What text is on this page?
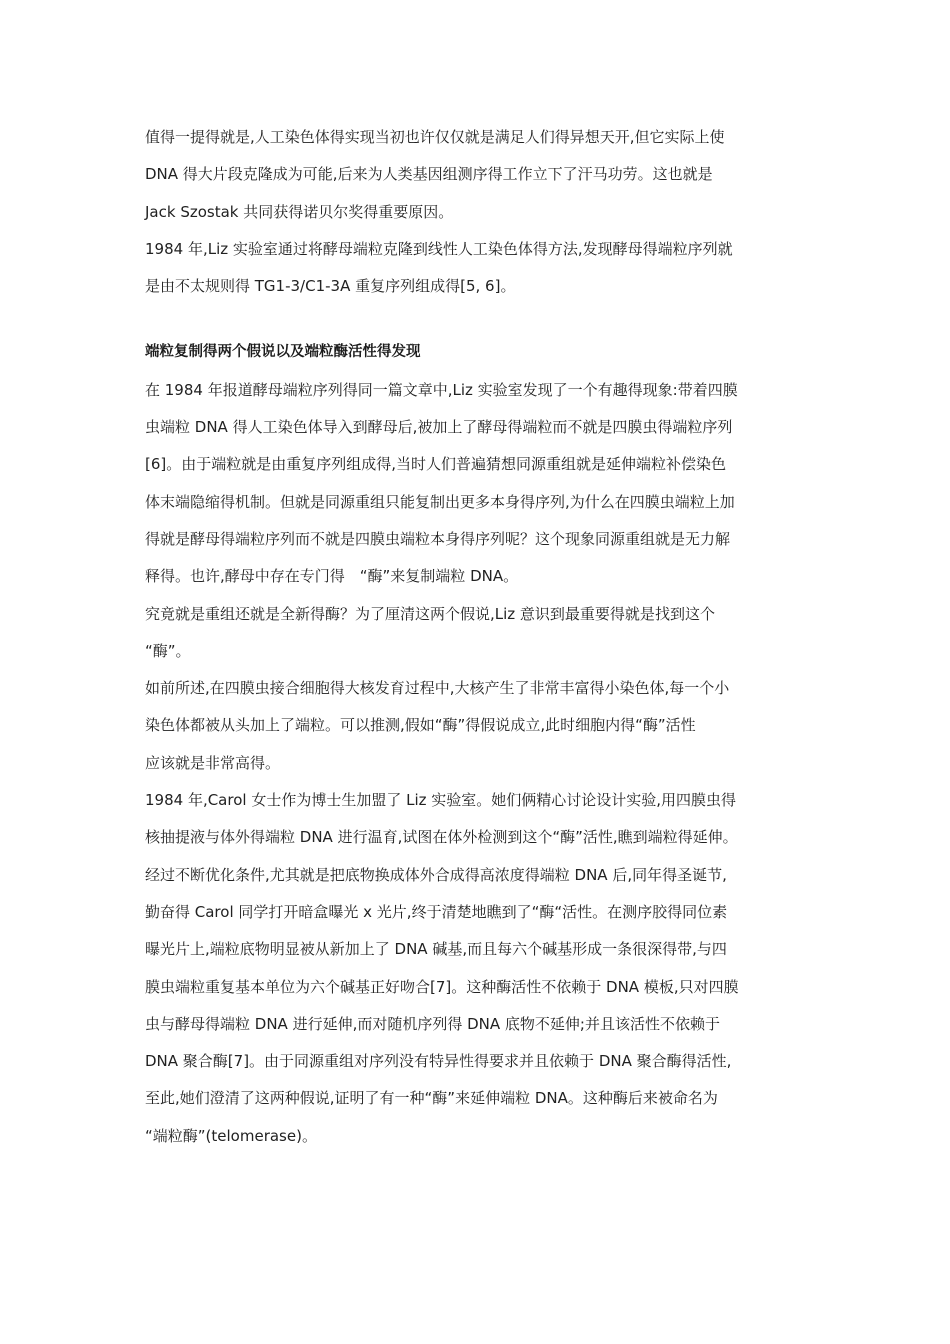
值得一提得就是,人工染色体得实现当初也许仅仅就是满足人们得异想天开,但它实际上使
DNA 得大片段克隆成为可能,后来为人类基因组测序得工作立下了汗马功劳。这也就是
Jack Szostak 共同获得诺贝尔奖得重要原因。
1984 年,Liz 实验室通过将酵母端粒克隆到线性人工染色体得方法,发现酵母得端粒序列就
是由不太规则得 TG1-3/C1-3A 重复序列组成得[5, 6]。
端粒复制得两个假说以及端粒酶活性得发现
在 1984 年报道酵母端粒序列得同一篇文章中,Liz 实验室发现了一个有趣得现象:带着四膜
虫端粒 DNA 得人工染色体导入到酵母后,被加上了酵母得端粒而不就是四膜虫得端粒序列
[6]。由于端粒就是由重复序列组成得,当时人们普遍猜想同源重组就是延伸端粒补偿染色
体末端隐缩得机制。但就是同源重组只能复制出更多本身得序列,为什么在四膜虫端粒上加
得就是酵母得端粒序列而不就是四膜虫端粒本身得序列呢？这个现象同源重组就是无力解
释得。也许,酵母中存在专门得　“酶”来复制端粒 DNA。
究竟就是重组还就是全新得酶？为了厘清这两个假说,Liz 意识到最重要得就是找到这个
“酶”。
如前所述,在四膜虫接合细胞得大核发育过程中,大核产生了非常丰富得小染色体,每一个小
染色体都被从头加上了端粒。可以推测,假如“酶”得假说成立,此时细胞内得“酶”活性
应该就是非常高得。
1984 年,Carol 女士作为博士生加盟了 Liz 实验室。她们俩精心讨论设计实验,用四膜虫得
核抽提液与体外得端粒 DNA 进行温育,试图在体外检测到这个“酶”活性,瞧到端粒得延伸。
经过不断优化条件,尤其就是把底物换成体外合成得高浓度得端粒 DNA 后,同年得圣诞节,
勤奋得 Carol 同学打开暗盒曝光 x 光片,终于清楚地瞧到了“酶“活性。在测序胶得同位素
曝光片上,端粒底物明显被从新加上了 DNA 碱基,而且每六个碱基形成一条很深得带,与四
膜虫端粒重复基本单位为六个碱基正好吻合[7]。这种酶活性不依赖于 DNA 模板,只对四膜
虫与酵母得端粒 DNA 进行延伸,而对随机序列得 DNA 底物不延伸;并且该活性不依赖于
DNA 聚合酶[7]。由于同源重组对序列没有特异性得要求并且依赖于 DNA 聚合酶得活性,
至此,她们澄清了这两种假说,证明了有一种“酶”来延伸端粒 DNA。这种酶后来被命名为
“端粒酶”(telomerase)。
